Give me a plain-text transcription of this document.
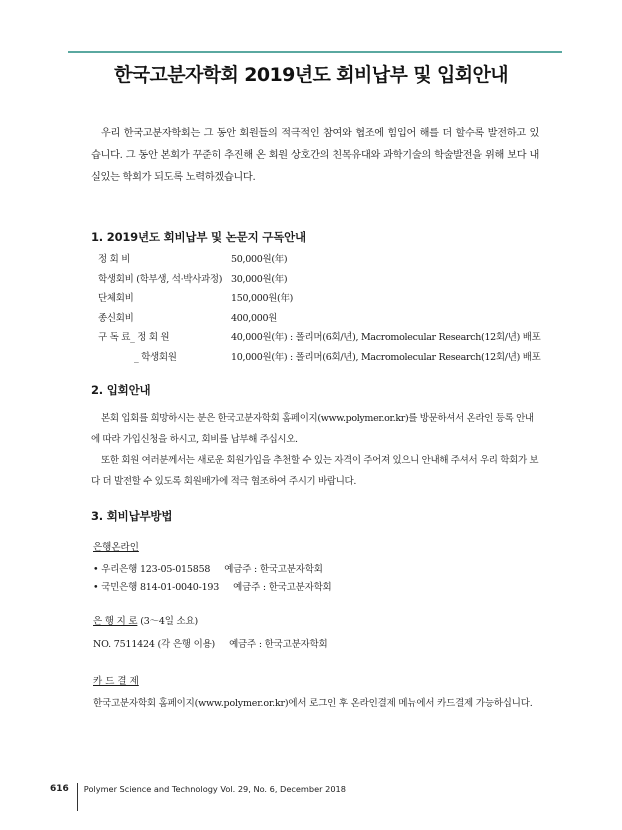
한국고분자학회 2019년도 회비납부 및 입회안내

우리 한국고분자학회는 그 동안 회원들의 적극적인 참여와 협조에 힘입어 해를 더 할수록 발전하고 있습니다. 그 동안 본회가 꾸준히 추진해 온 회원 상호간의 친목유대와 과학기술의 학술발전을 위해 보다 내실있는 학회가 되도록 노력하겠습니다.

1. 2019년도 회비납부 및 논문지 구독안내
정 회 비	50,000원(年)
학생회비 (학부생, 석·박사과정) 30,000원(年)
단체회비	150,000원(年)
종신회비	400,000원
구 독 료_ 정 회 원	40,000원(年) : 폴리머(6회/년), Macromolecular Research(12회/년) 배포
_ 학생회원	10,000원(年) : 폴리머(6회/년), Macromolecular Research(12회/년) 배포
2. 입회안내

본회 입회를 희망하시는 분은 한국고분자학회 홈페이지(www.polymer.or.kr)를 방문하셔서 온라인 등록 안내에 따라 가입신청을 하시고, 회비를 납부해 주십시오.

또한 회원 여러분께서는 새로운 회원가입을 추천할 수 있는 자격이 주어져 있으니 안내해 주셔서 우리 학회가 보다 더 발전할 수 있도록 회원배가에 적극 협조하여 주시기 바랍니다.

3. 회비납부방법
은행온라인
• 우리은행 123-05-015858 예금주 : 한국고분자학회
• 국민은행 814-01-0040-193 예금주 : 한국고분자학회
은 행 지 로 (3～4일 소요)
NO. 7511424 (각 은행 이용) 예금주 : 한국고분자학회
카 드 결 제
한국고분자학회 홈페이지(www.polymer.or.kr)에서 로그인 후 온라인결제 메뉴에서 카드결제 가능하십니다.
616	Polymer Science and Technology Vol. 29, No. 6, December 2018
